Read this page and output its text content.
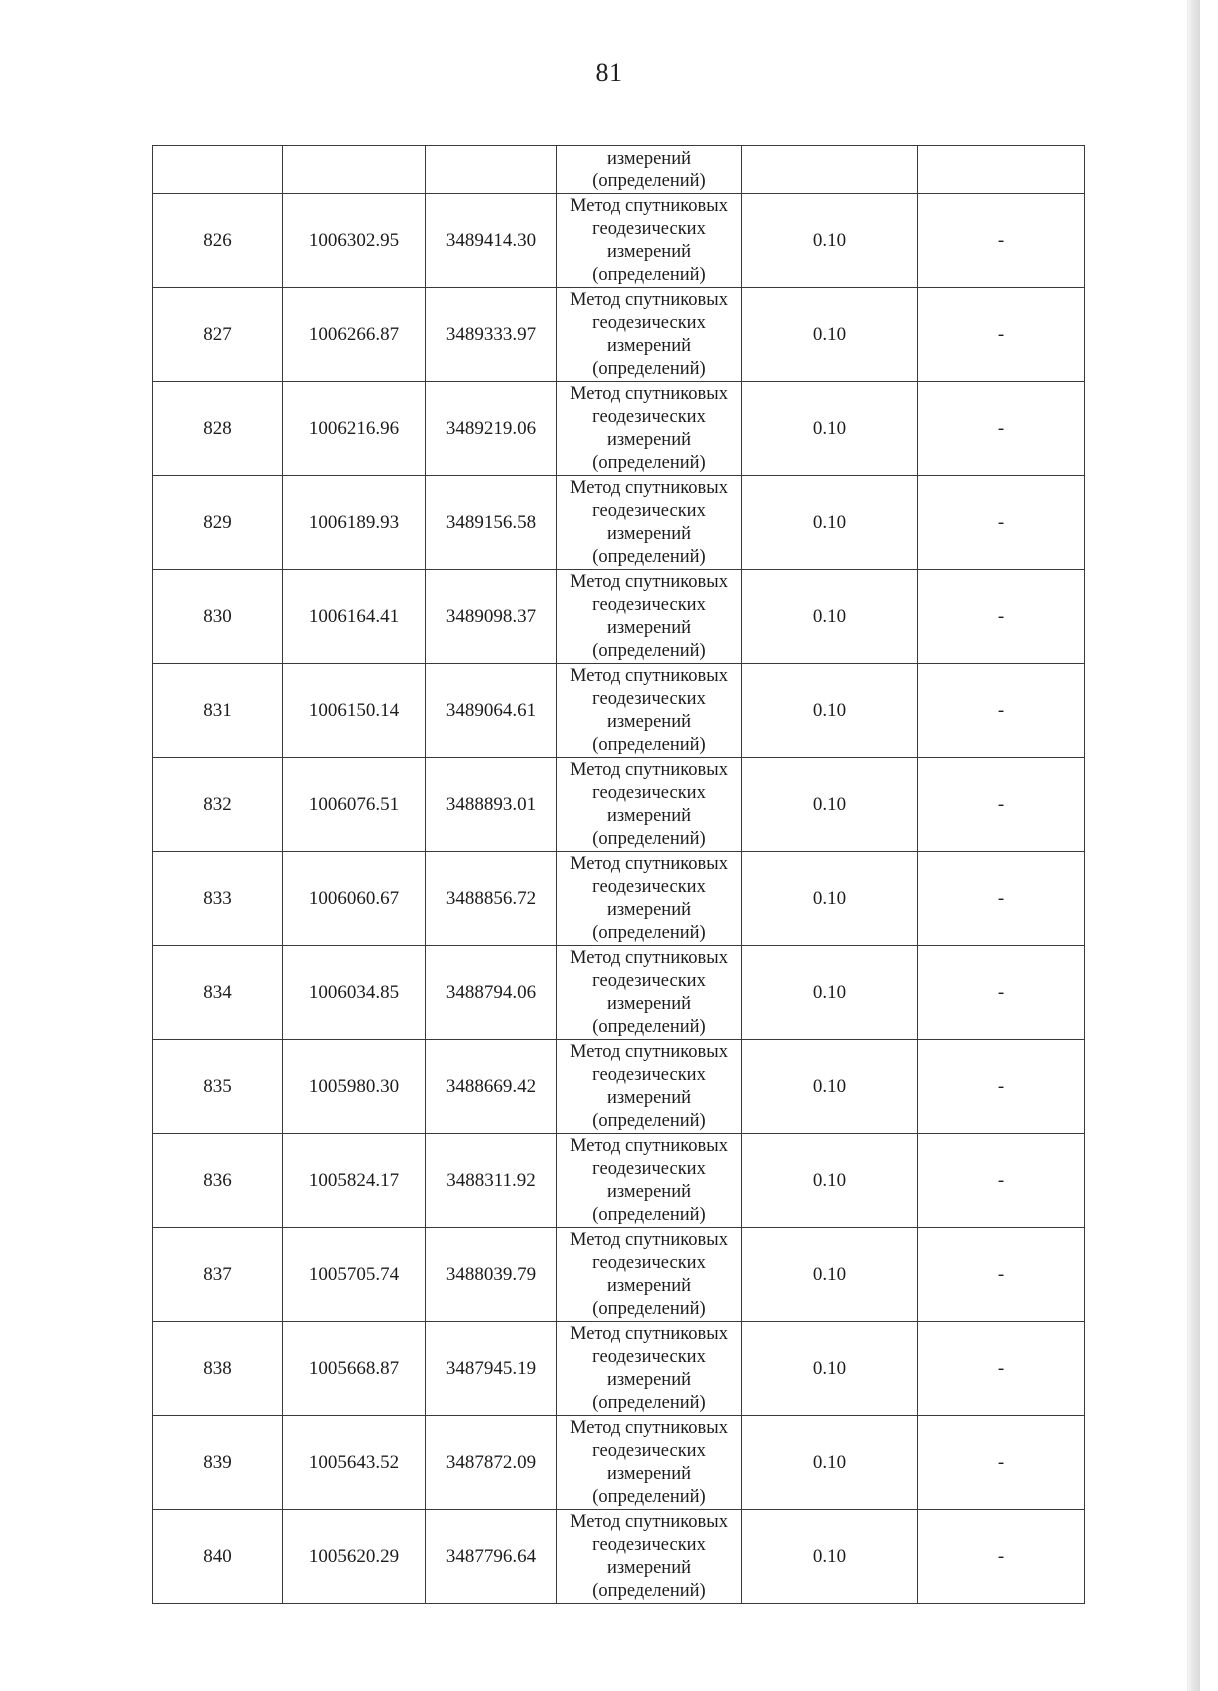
81

			измерений
(определений)		

826	1006302.95	3489414.30	Метод спутниковых
геодезических
измерений
(определений)	0.10	-
827	1006266.87	3489333.97	Метод спутниковых
геодезических
измерений
(определений)	0.10	-
828	1006216.96	3489219.06	Метод спутниковых
геодезических
измерений
(определений)	0.10	-
829	1006189.93	3489156.58	Метод спутниковых
геодезических
измерений
(определений)	0.10	-
830	1006164.41	3489098.37	Метод спутниковых
геодезических
измерений
(определений)	0.10	-
831	1006150.14	3489064.61	Метод спутниковых
геодезических
измерений
(определений)	0.10	-
832	1006076.51	3488893.01	Метод спутниковых
геодезических
измерений
(определений)	0.10	-
833	1006060.67	3488856.72	Метод спутниковых
геодезических
измерений
(определений)	0.10	-
834	1006034.85	3488794.06	Метод спутниковых
геодезических
измерений
(определений)	0.10	-
835	1005980.30	3488669.42	Метод спутниковых
геодезических
измерений
(определений)	0.10	-
836	1005824.17	3488311.92	Метод спутниковых
геодезических
измерений
(определений)	0.10	-
837	1005705.74	3488039.79	Метод спутниковых
геодезических
измерений
(определений)	0.10	-
838	1005668.87	3487945.19	Метод спутниковых
геодезических
измерений
(определений)	0.10	-
839	1005643.52	3487872.09	Метод спутниковых
геодезических
измерений
(определений)	0.10	-
840	1005620.29	3487796.64	Метод спутниковых
геодезических
измерений
(определений)	0.10	-
